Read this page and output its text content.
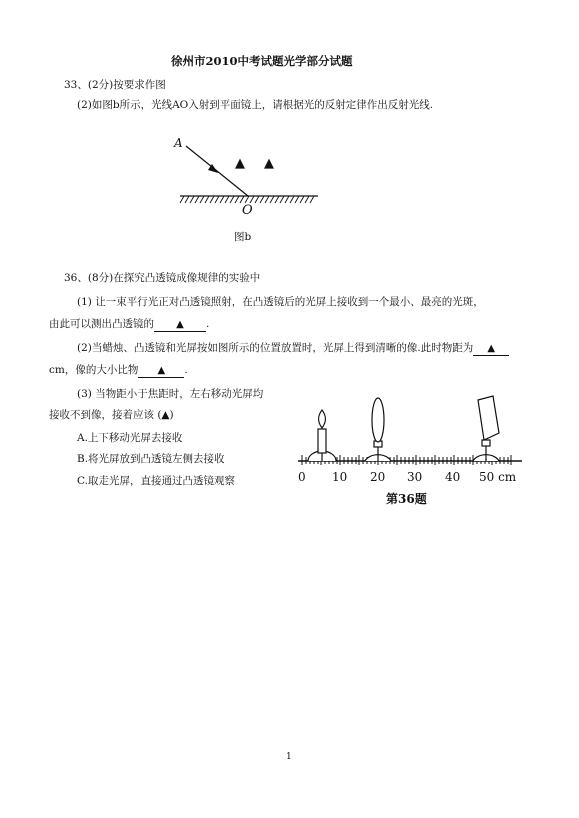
徐州市2010中考试题光学部分试题
33、(2分)按要求作图
(2)如图b所示，光线AO入射到平面镜上，请根据光的反射定律作出反射光线.
A
O
▲ ▲
图b
36、(8分)在探究凸透镜成像规律的实验中
(1) 让一束平行光正对凸透镜照射，在凸透镜后的光屏上接收到一个最小、最亮的光斑，
由此可以测出凸透镜的 ▲ .
(2)当蜡烛、凸透镜和光屏按如图所示的位置放置时，光屏上得到清晰的像.此时物距为 ▲
cm，像的大小比物 ▲ .
(3) 当物距小于焦距时，左右移动光屏均
接收不到像，接着应该 (▲)
A.上下移动光屏去接收
B.将光屏放到凸透镜左侧去接收
C.取走光屏，直接通过凸透镜观察	0 10 20 30 40 50 cm
第36题
1
